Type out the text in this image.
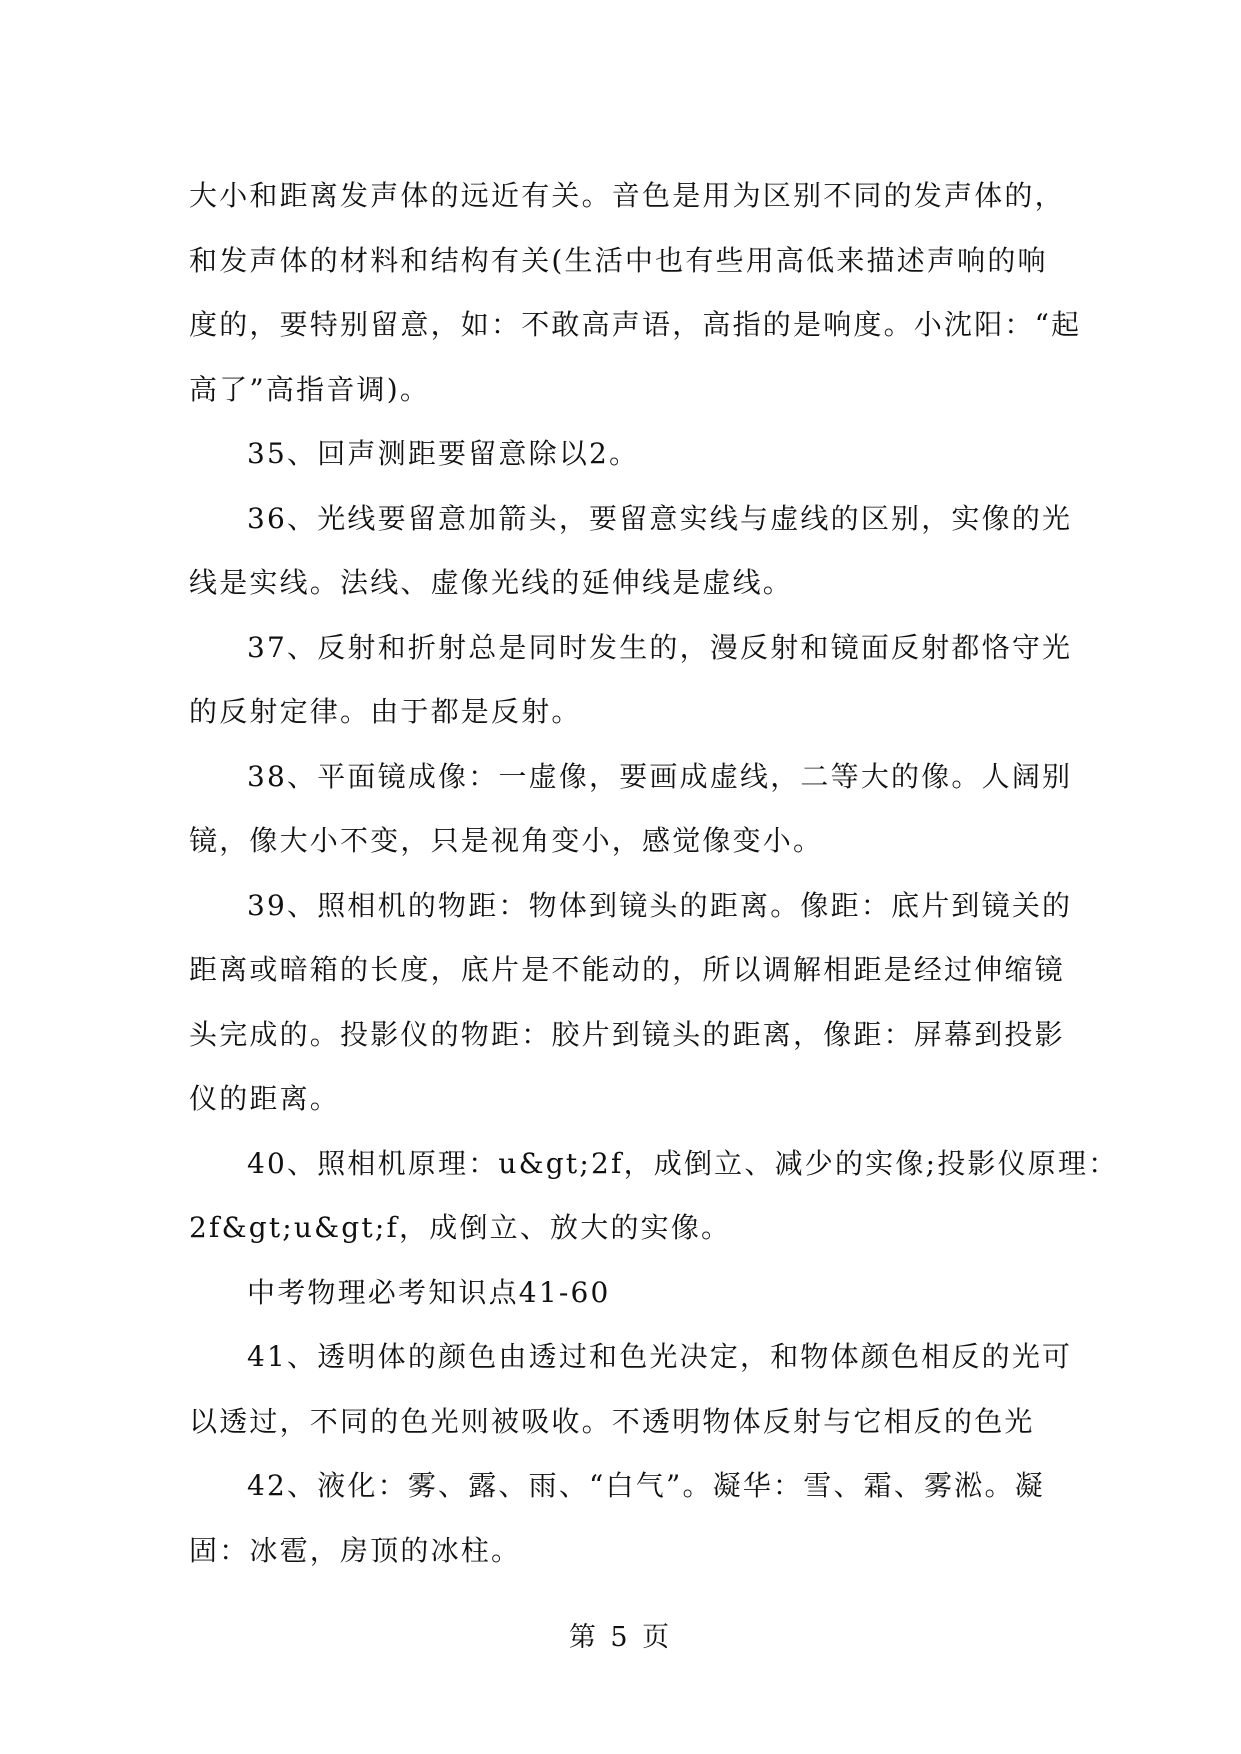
大小和距离发声体的远近有关。音色是用为区别不同的发声体的，
和发声体的材料和结构有关(生活中也有些用高低来描述声响的响
度的，要特别留意，如：不敢高声语，高指的是响度。小沈阳：“起
高了”高指音调)。

35、回声测距要留意除以2。

36、光线要留意加箭头，要留意实线与虚线的区别，实像的光
线是实线。法线、虚像光线的延伸线是虚线。

37、反射和折射总是同时发生的，漫反射和镜面反射都恪守光
的反射定律。由于都是反射。

38、平面镜成像：一虚像，要画成虚线，二等大的像。人阔别
镜，像大小不变，只是视角变小，感觉像变小。

39、照相机的物距：物体到镜头的距离。像距：底片到镜关的
距离或暗箱的长度，底片是不能动的，所以调解相距是经过伸缩镜
头完成的。投影仪的物距：胶片到镜头的距离，像距：屏幕到投影
仪的距离。

40、照相机原理：u&gt;2f，成倒立、减少的实像;投影仪原理：
2f&gt;u&gt;f，成倒立、放大的实像。

中考物理必考知识点41-60

41、透明体的颜色由透过和色光决定，和物体颜色相反的光可
以透过，不同的色光则被吸收。不透明物体反射与它相反的色光

42、液化：雾、露、雨、“白气”。凝华：雪、霜、雾淞。凝
固：冰雹，房顶的冰柱。

第 5 页
